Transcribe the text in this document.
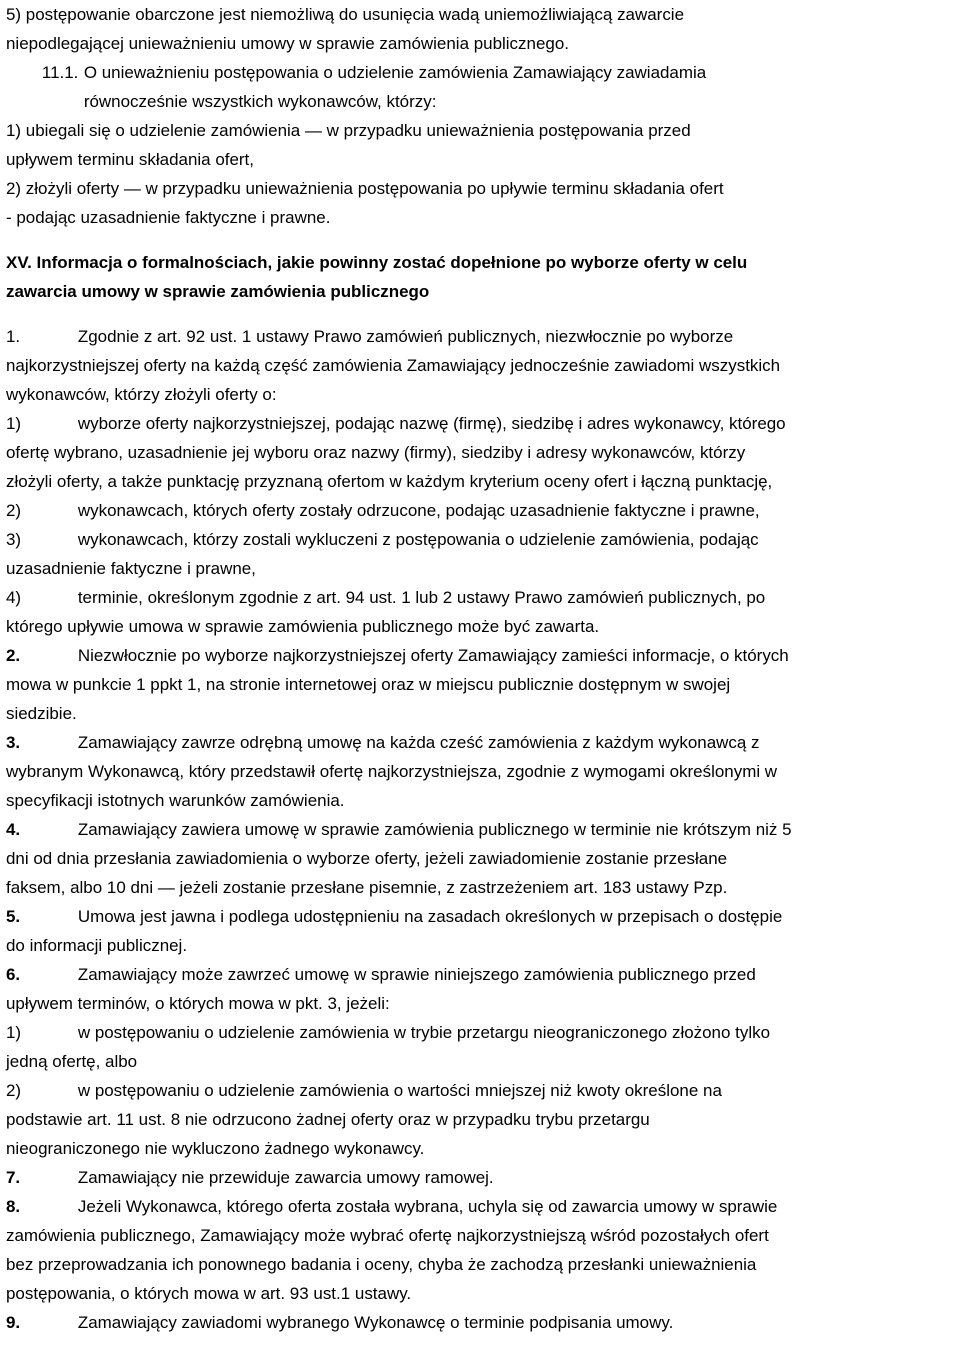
5) postępowanie obarczone jest niemożliwą do usunięcia wadą uniemożliwiającą zawarcie
niepodlegającej unieważnieniu umowy w sprawie zamówienia publicznego.
11.1. O unieważnieniu postępowania o udzielenie zamówienia Zamawiający zawiadamia
równocześnie wszystkich wykonawców, którzy:
1) ubiegali się o udzielenie zamówienia — w przypadku unieważnienia postępowania przed
upływem terminu składania ofert,
2) złożyli oferty — w przypadku unieważnienia postępowania po upływie terminu składania ofert
- podając uzasadnienie faktyczne i prawne.
XV. Informacja o formalnościach, jakie powinny zostać dopełnione po wyborze oferty w celu
zawarcia umowy w sprawie zamówienia publicznego
1.	Zgodnie z art. 92 ust. 1 ustawy Prawo zamówień publicznych, niezwłocznie po wyborze
najkorzystniejszej oferty na każdą część zamówienia Zamawiający jednocześnie zawiadomi wszystkich
wykonawców, którzy złożyli oferty o:
1)	wyborze oferty najkorzystniejszej, podając nazwę (firmę), siedzibę i adres wykonawcy, którego
ofertę wybrano, uzasadnienie jej wyboru oraz nazwy (firmy), siedziby i adresy wykonawców, którzy
złożyli oferty, a także punktację przyznaną ofertom w każdym kryterium oceny ofert i łączną punktację,
2)	wykonawcach, których oferty zostały odrzucone, podając uzasadnienie faktyczne i prawne,
3)	wykonawcach, którzy zostali wykluczeni z postępowania o udzielenie zamówienia, podając
uzasadnienie faktyczne i prawne,
4)	terminie, określonym zgodnie z art. 94 ust. 1 lub 2 ustawy Prawo zamówień publicznych, po
którego upływie umowa w sprawie zamówienia publicznego może być zawarta.
2.	Niezwłocznie po wyborze najkorzystniejszej oferty Zamawiający zamieści informacje, o których
mowa w punkcie 1 ppkt 1, na stronie internetowej oraz w miejscu publicznie dostępnym w swojej
siedzibie.
3.	Zamawiający zawrze odrębną umowę na każda cześć zamówienia z każdym wykonawcą z
wybranym Wykonawcą, który przedstawił ofertę najkorzystniejsza, zgodnie z wymogami określonymi w
specyfikacji istotnych warunków zamówienia.
4.	Zamawiający zawiera umowę w sprawie zamówienia publicznego w terminie nie krótszym niż 5
dni od dnia przesłania zawiadomienia o wyborze oferty, jeżeli zawiadomienie zostanie przesłane
faksem, albo 10 dni — jeżeli zostanie przesłane pisemnie, z zastrzeżeniem art. 183 ustawy Pzp.
5.	Umowa jest jawna i podlega udostępnieniu na zasadach określonych w przepisach o dostępie
do informacji publicznej.
6.	Zamawiający może zawrzeć umowę w sprawie niniejszego zamówienia publicznego przed
upływem terminów, o których mowa w pkt. 3, jeżeli:
1)	w postępowaniu o udzielenie zamówienia w trybie przetargu nieograniczonego złożono tylko
jedną ofertę, albo
2)	w postępowaniu o udzielenie zamówienia o wartości mniejszej niż kwoty określone na
podstawie art. 11 ust. 8 nie odrzucono żadnej oferty oraz w przypadku trybu przetargu
nieograniczonego nie wykluczono żadnego wykonawcy.
7.	Zamawiający nie przewiduje zawarcia umowy ramowej.
8.	Jeżeli Wykonawca, którego oferta została wybrana, uchyla się od zawarcia umowy w sprawie
zamówienia publicznego, Zamawiający może wybrać ofertę najkorzystniejszą wśród pozostałych ofert
bez przeprowadzania ich ponownego badania i oceny, chyba że zachodzą przesłanki unieważnienia
postępowania, o których mowa w art. 93 ust.1 ustawy.
9.	Zamawiający zawiadomi wybranego Wykonawcę o terminie podpisania umowy.
